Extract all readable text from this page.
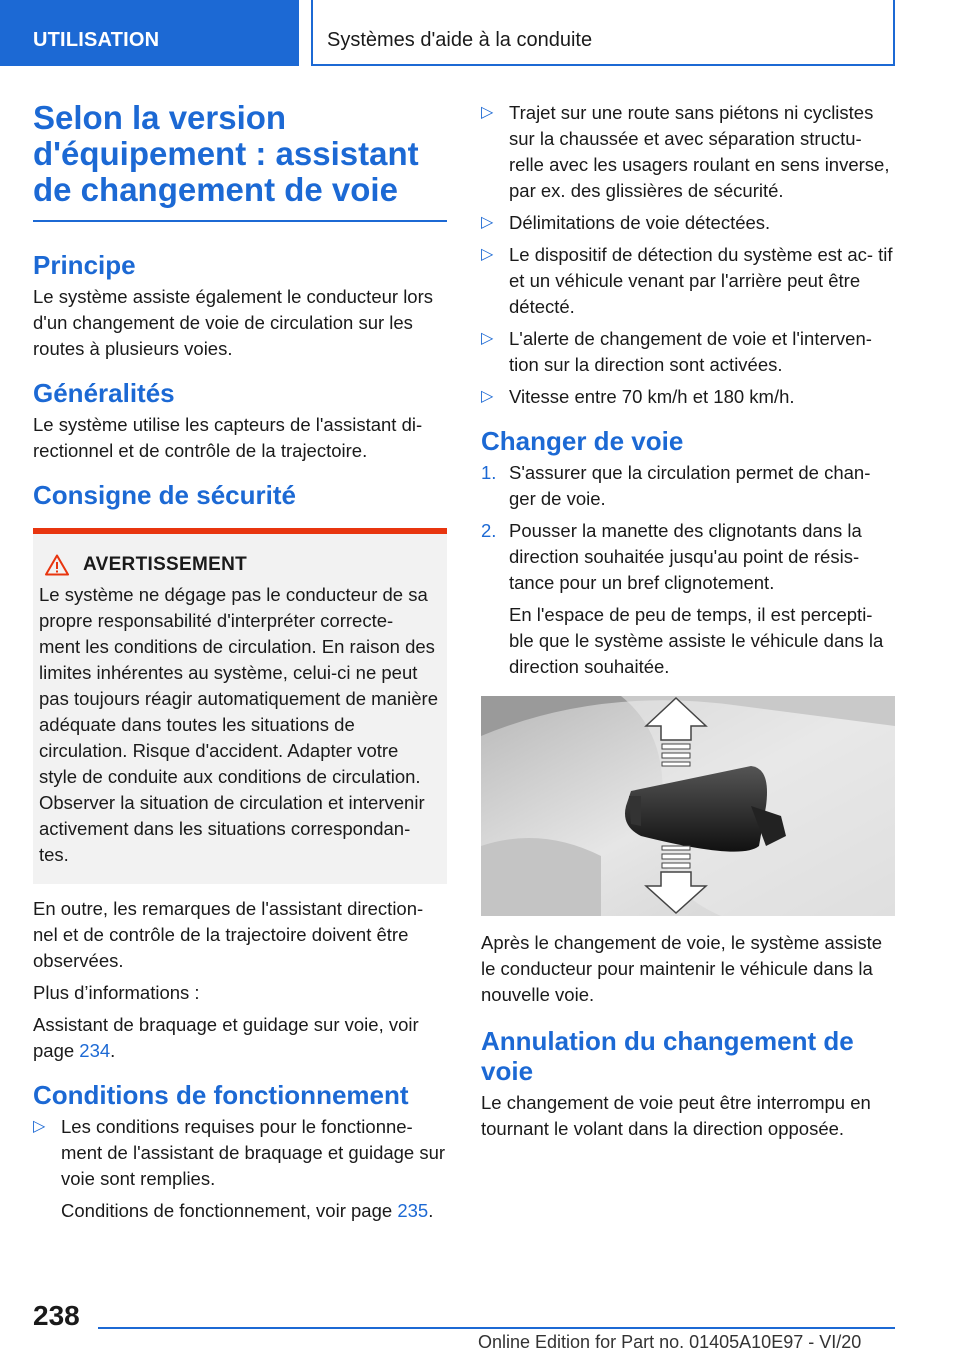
UTILISATION	Systèmes d'aide à la conduite
Selon la version d'équipement : assistant de changement de voie
Principe

Le système assiste également le conducteur lors d'un changement de voie de circulation sur les routes à plusieurs voies.

Généralités

Le système utilise les capteurs de l'assistant di- rectionnel et de contrôle de la trajectoire.

Consigne de sécurité
AVERTISSEMENT
Le système ne dégage pas le conducteur de sa propre responsabilité d'interpréter correcte- ment les conditions de circulation. En raison des limites inhérentes au système, celui-ci ne peut pas toujours réagir automatiquement de manière adéquate dans toutes les situations de circulation. Risque d'accident. Adapter votre style de conduite aux conditions de circulation. Observer la situation de circulation et intervenir activement dans les situations correspondan- tes.

En outre, les remarques de l'assistant direction- nel et de contrôle de la trajectoire doivent être observées.

Plus d’informations :

Assistant de braquage et guidage sur voie, voir page 234.

Conditions de fonctionnement
▷ Les conditions requises pour le fonctionne- ment de l'assistant de braquage et guidage sur voie sont remplies.
Conditions de fonctionnement, voir page 235.
▷ Trajet sur une route sans piétons ni cyclistes sur la chaussée et avec séparation structu- relle avec les usagers roulant en sens inverse, par ex. des glissières de sécurité.
▷ Délimitations de voie détectées.
▷ Le dispositif de détection du système est ac- tif et un véhicule venant par l'arrière peut être détecté.
▷ L'alerte de changement de voie et l'interven- tion sur la direction sont activées.
▷ Vitesse entre 70 km/h et 180 km/h.
Changer de voie
1. S'assurer que la circulation permet de chan- ger de voie.
2. Pousser la manette des clignotants dans la direction souhaitée jusqu'au point de résis- tance pour un bref clignotement.
En l'espace de peu de temps, il est percepti- ble que le système assiste le véhicule dans la direction souhaitée.

Après le changement de voie, le système assiste le conducteur pour maintenir le véhicule dans la nouvelle voie.

Annulation du changement de voie

Le changement de voie peut être interrompu en tournant le volant dans la direction opposée.

238
Online Edition for Part no. 01405A10E97 - VI/20
